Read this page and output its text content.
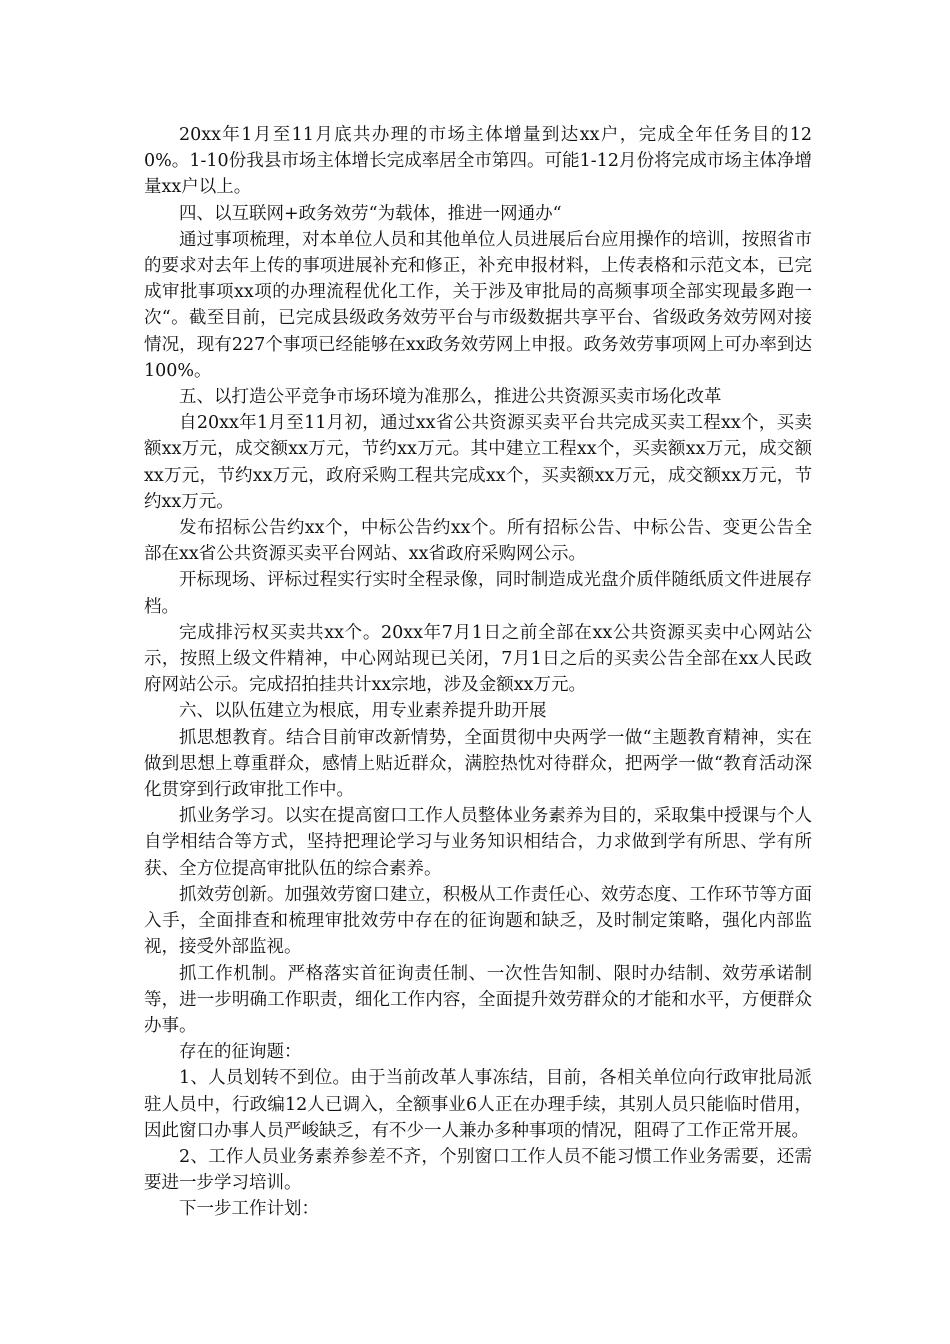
20xx年1月至11月底共办理的市场主体增量到达xx户，完成全年任务目的120%。1-10份我县市场主体增长完成率居全市第四。可能1-12月份将完成市场主体净增量xx户以上。

四、以互联网+政务效劳“为载体，推进一网通办“

通过事项梳理，对本单位人员和其他单位人员进展后台应用操作的培训，按照省市的要求对去年上传的事项进展补充和修正，补充申报材料，上传表格和示范文本，已完成审批事项xx项的办理流程优化工作，关于涉及审批局的高频事项全部实现最多跑一次“。截至目前，已完成县级政务效劳平台与市级数据共享平台、省级政务效劳网对接情况，现有227个事项已经能够在xx政务效劳网上申报。政务效劳事项网上可办率到达100%。

五、以打造公平竞争市场环境为准那么，推进公共资源买卖市场化改革

自20xx年1月至11月初，通过xx省公共资源买卖平台共完成买卖工程xx个，买卖额xx万元，成交额xx万元，节约xx万元。其中建立工程xx个，买卖额xx万元，成交额xx万元，节约xx万元，政府采购工程共完成xx个，买卖额xx万元，成交额xx万元，节约xx万元。

发布招标公告约xx个，中标公告约xx个。所有招标公告、中标公告、变更公告全部在xx省公共资源买卖平台网站、xx省政府采购网公示。

开标现场、评标过程实行实时全程录像，同时制造成光盘介质伴随纸质文件进展存档。

完成排污权买卖共xx个。20xx年7月1日之前全部在xx公共资源买卖中心网站公示，按照上级文件精神，中心网站现已关闭，7月1日之后的买卖公告全部在xx人民政府网站公示。完成招拍挂共计xx宗地，涉及金额xx万元。

六、以队伍建立为根底，用专业素养提升助开展

抓思想教育。结合目前审改新情势，全面贯彻中央两学一做“主题教育精神，实在做到思想上尊重群众，感情上贴近群众，满腔热忱对待群众，把两学一做“教育活动深化贯穿到行政审批工作中。

抓业务学习。以实在提高窗口工作人员整体业务素养为目的，采取集中授课与个人自学相结合等方式，坚持把理论学习与业务知识相结合，力求做到学有所思、学有所获、全方位提高审批队伍的综合素养。

抓效劳创新。加强效劳窗口建立，积极从工作责任心、效劳态度、工作环节等方面入手，全面排查和梳理审批效劳中存在的征询题和缺乏，及时制定策略，强化内部监视，接受外部监视。

抓工作机制。严格落实首征询责任制、一次性告知制、限时办结制、效劳承诺制等，进一步明确工作职责，细化工作内容，全面提升效劳群众的才能和水平，方便群众办事。

存在的征询题：

1、人员划转不到位。由于当前改革人事冻结，目前，各相关单位向行政审批局派驻人员中，行政编12人已调入，全额事业6人正在办理手续，其别人员只能临时借用，因此窗口办事人员严峻缺乏，有不少一人兼办多种事项的情况，阻碍了工作正常开展。

2、工作人员业务素养参差不齐，个别窗口工作人员不能习惯工作业务需要，还需要进一步学习培训。

下一步工作计划：
